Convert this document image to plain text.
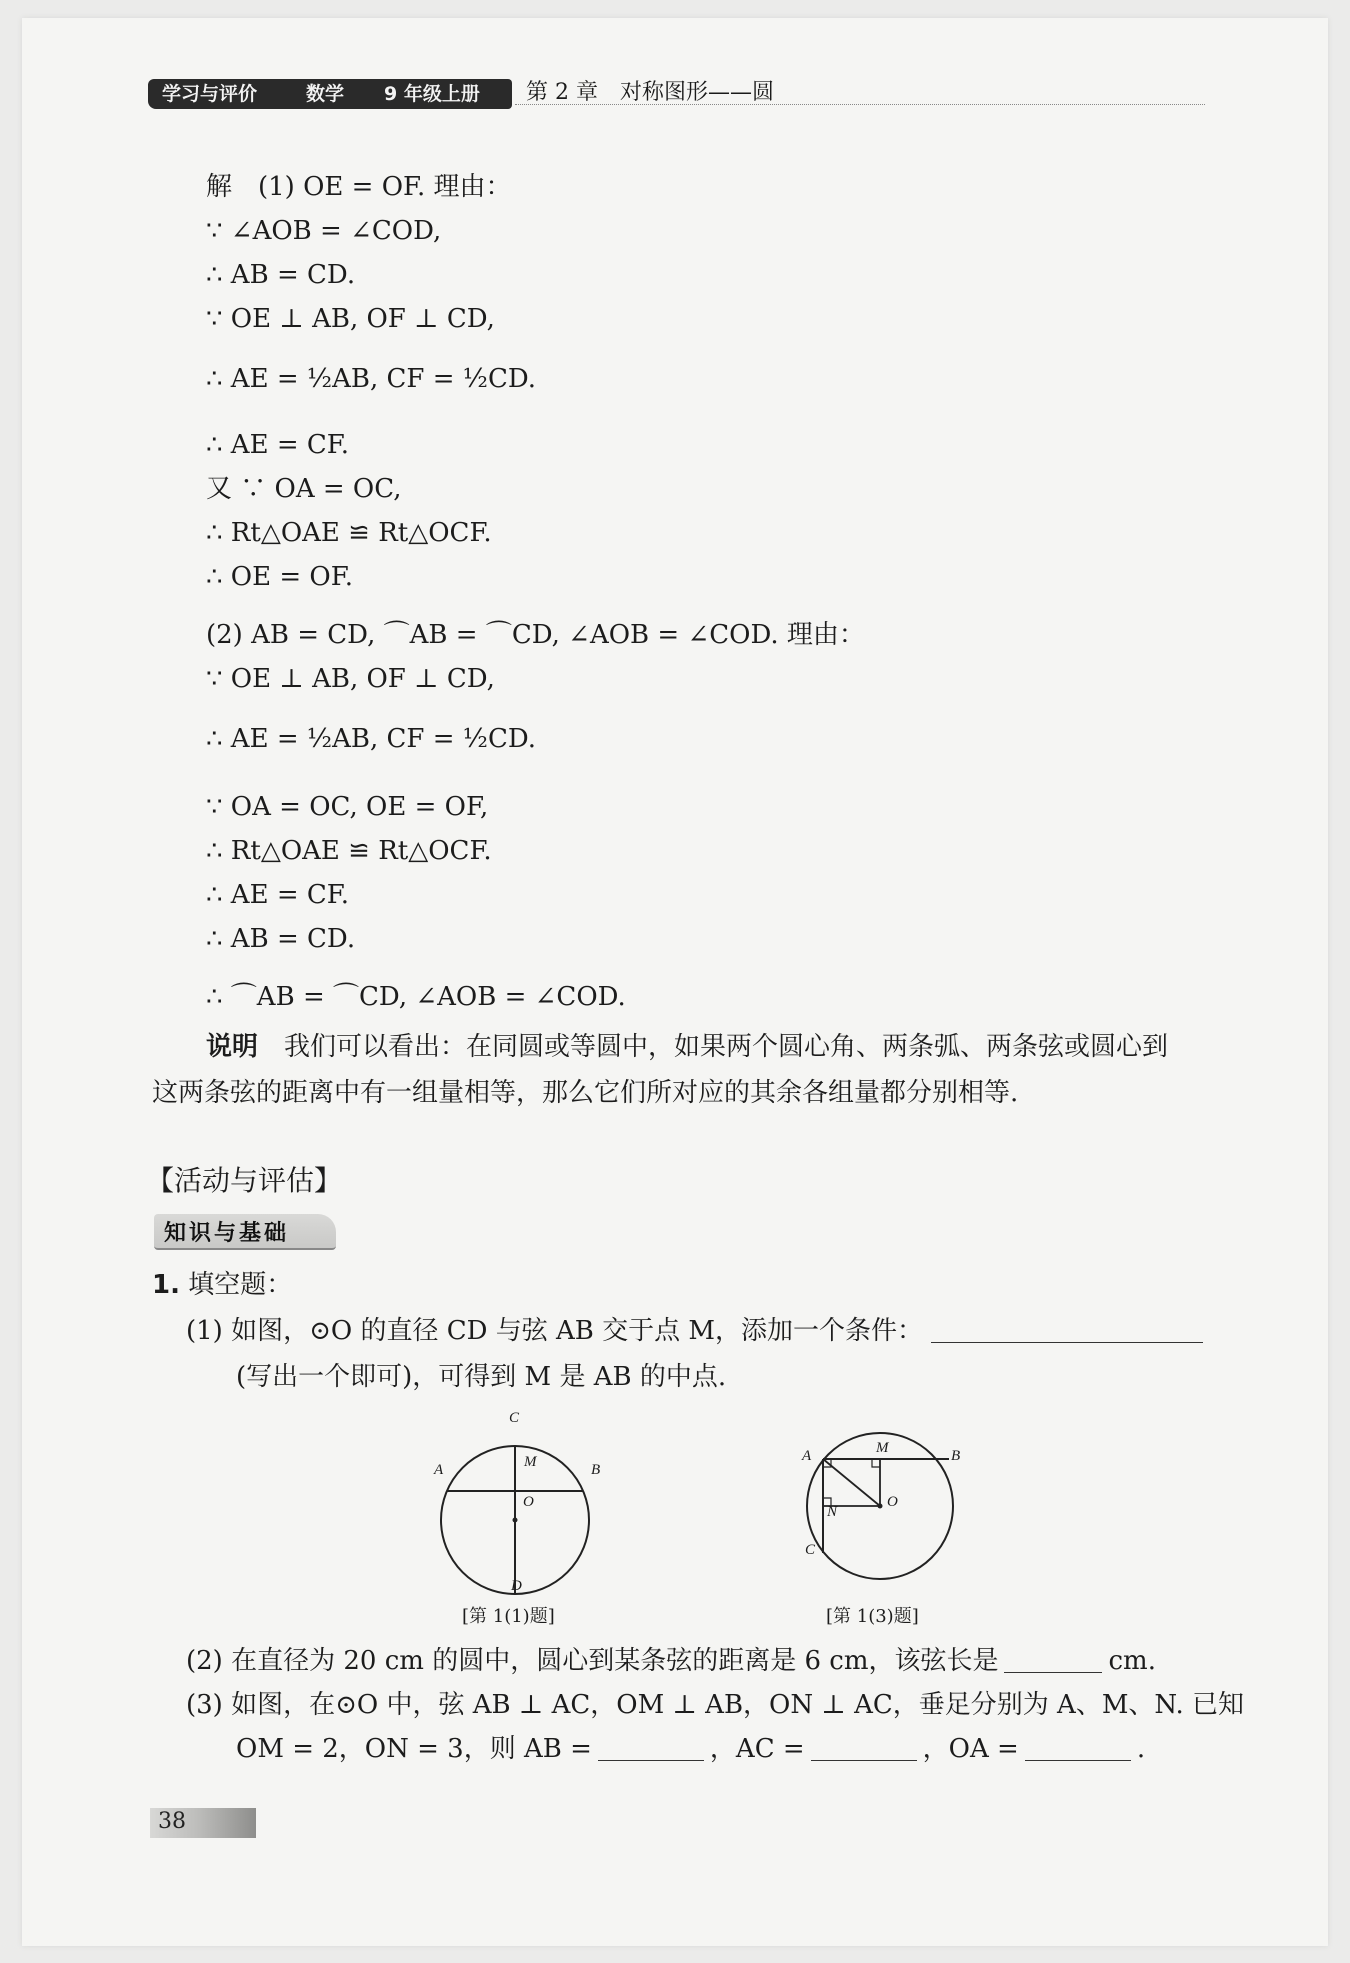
学习与评价	数学 9 年级上册 第 2 章　对称图形——圆
解　(1) OE = OF. 理由：
∵ ∠AOB = ∠COD,
∴ AB = CD.
∵ OE ⊥ AB, OF ⊥ CD,
∴ AE = ½AB, CF = ½CD.
∴ AE = CF.
又 ∵ OA = OC,
∴ Rt△OAE ≌ Rt△OCF.
∴ OE = OF.
(2) AB = CD, ⌒AB = ⌒CD, ∠AOB = ∠COD. 理由：
∵ OE ⊥ AB, OF ⊥ CD,
∴ AE = ½AB, CF = ½CD.
∵ OA = OC, OE = OF,
∴ Rt△OAE ≌ Rt△OCF.
∴ AE = CF.
∴ AB = CD.
∴ ⌒AB = ⌒CD, ∠AOB = ∠COD.
说明　 我们可以看出：在同圆或等圆中，如果两个圆心角、两条弧、两条弦或圆心到
这两条弦的距离中有一组量相等，那么它们所对应的其余各组量都分别相等.
【活动与评估】
知识与基础
1. 填空题：
(1) 如图，⊙O 的直径 CD 与弦 AB 交于点 M，添加一个条件：
(写出一个即可)，可得到 M 是 AB 的中点.
C
A	M	B
O
D
[第 1(1)题]
A	M	B
O
N
C
[第 1(3)题]
(2) 在直径为 20 cm 的圆中，圆心到某条弦的距离是 6 cm，该弦长是	cm.
(3) 如图，在⊙O 中，弦 AB ⊥ AC，OM ⊥ AB，ON ⊥ AC，垂足分别为 A、M、N. 已知
OM = 2，ON = 3，则 AB =	，AC =	，OA =	.
38
